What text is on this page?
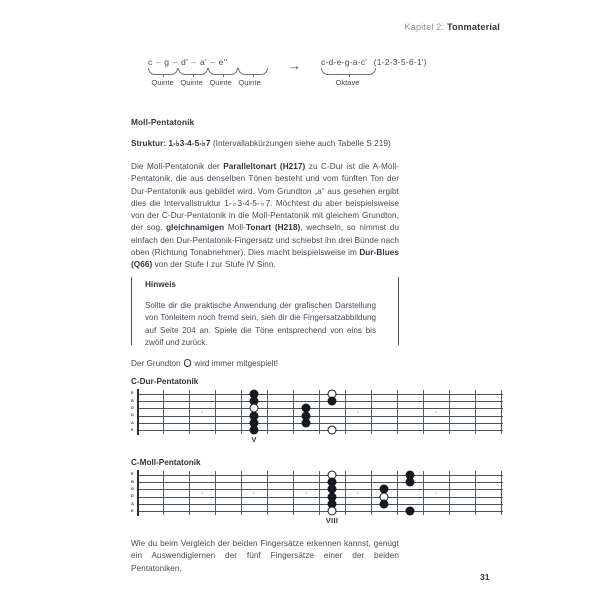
Kapitel 2: Tonmaterial
c – g – d' – a' – e''
Quinte Quinte Quinte Quinte
→ c-d-e-g-a-c' (1-2-3-5-6-1')
Oktave
Moll-Pentatonik

Struktur: 1-♭3-4-5-♭7 (Intervallabkürzungen siehe auch Tabelle S.219)

Die Moll-Pentatonik der Paralleltonart (H217) zu C-Dur ist die A-Moll-Pentatonik, die aus denselben Tönen besteht und vom fünften Ton der Dur-Pentatonik aus gebildet wird. Vom Grundton „a“ aus gesehen ergibt dies die Intervallstruktur 1-♭3-4-5-♭7. Möchtest du aber beispielsweise von der C-Dur-Pentatonik in die Moll-Pentatonik mit gleichem Grundton, der sog. gleichnamigen Moll-Tonart (H218), wechseln, so nimmst du einfach den Dur-Pentatonik-Fingersatz und schiebst ihn drei Bünde nach oben (Richtung Tonabnehmer). Dies macht beispielsweise im Dur-Blues (Q66) von der Stufe I zur Stufe IV Sinn.

Hinweis
Sollte dir die praktische Anwendung der grafischen Darstellung von Tonleitern noch fremd sein, sieh dir die Fingersatzabbildung auf Seite 204 an. Spiele die Töne entsprechend von eins bis zwölf und zurück.
Der Grundton wird immer mitgespielt!
C-Dur-Pentatonik
E
B
G
D
A
E
V
C-Moll-Pentatonik
E
B
G
D
A
E
VIII

Wie du beim Vergleich der beiden Fingersätze erkennen kannst, genügt ein Auswendiglernen der fünf Fingersätze einer der beiden Pentatoniken,

31
